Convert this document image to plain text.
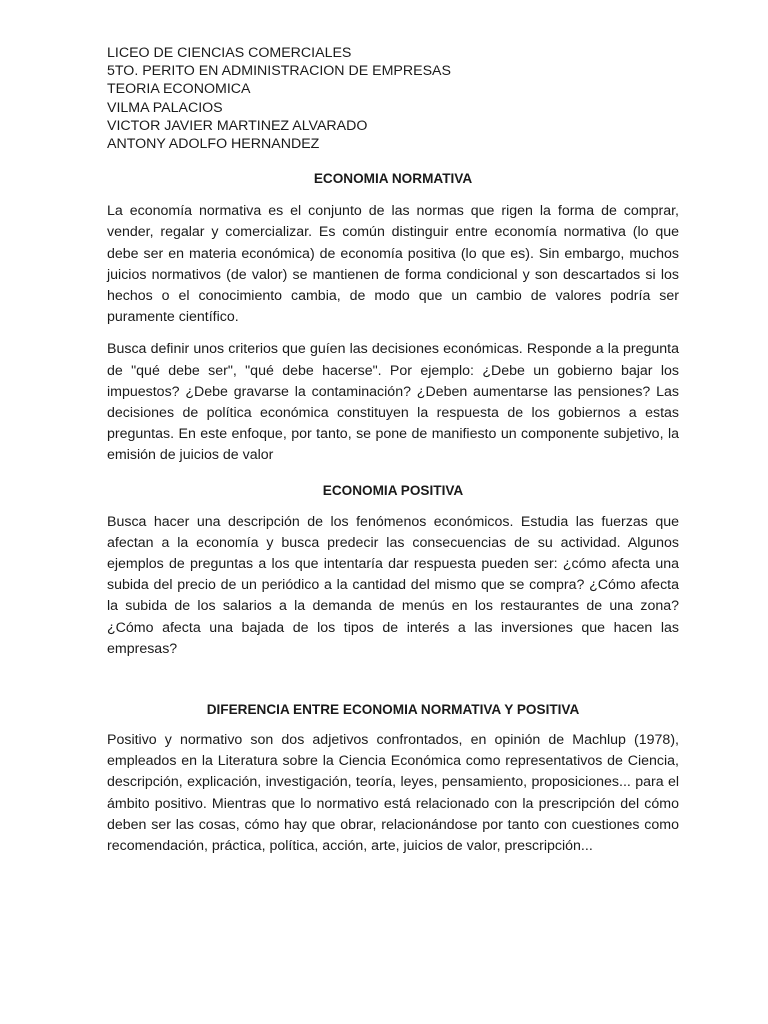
LICEO DE CIENCIAS COMERCIALES
5TO. PERITO EN ADMINISTRACION DE EMPRESAS
TEORIA ECONOMICA
VILMA PALACIOS
VICTOR JAVIER MARTINEZ ALVARADO
ANTONY ADOLFO HERNANDEZ
ECONOMIA NORMATIVA

La economía normativa es el conjunto de las normas que rigen la forma de comprar, vender, regalar y comercializar. Es común distinguir entre economía normativa (lo que debe ser en materia económica) de economía positiva (lo que es). Sin embargo, muchos juicios normativos (de valor) se mantienen de forma condicional y son descartados si los hechos o el conocimiento cambia, de modo que un cambio de valores podría ser puramente científico.

Busca definir unos criterios que guíen las decisiones económicas. Responde a la pregunta de "qué debe ser", "qué debe hacerse". Por ejemplo: ¿Debe un gobierno bajar los impuestos? ¿Debe gravarse la contaminación? ¿Deben aumentarse las pensiones? Las decisiones de política económica constituyen la respuesta de los gobiernos a estas preguntas. En este enfoque, por tanto, se pone de manifiesto un componente subjetivo, la emisión de juicios de valor

ECONOMIA POSITIVA

Busca hacer una descripción de los fenómenos económicos. Estudia las fuerzas que afectan a la economía y busca predecir las consecuencias de su actividad. Algunos ejemplos de preguntas a los que intentaría dar respuesta pueden ser: ¿cómo afecta una subida del precio de un periódico a la cantidad del mismo que se compra? ¿Cómo afecta la subida de los salarios a la demanda de menús en los restaurantes de una zona? ¿Cómo afecta una bajada de los tipos de interés a las inversiones que hacen las empresas?

DIFERENCIA ENTRE ECONOMIA NORMATIVA Y POSITIVA

Positivo y normativo son dos adjetivos confrontados, en opinión de Machlup (1978), empleados en la Literatura sobre la Ciencia Económica como representativos de Ciencia, descripción, explicación, investigación, teoría, leyes, pensamiento, proposiciones... para el ámbito positivo. Mientras que lo normativo está relacionado con la prescripción del cómo deben ser las cosas, cómo hay que obrar, relacionándose por tanto con cuestiones como recomendación, práctica, política, acción, arte, juicios de valor, prescripción...
